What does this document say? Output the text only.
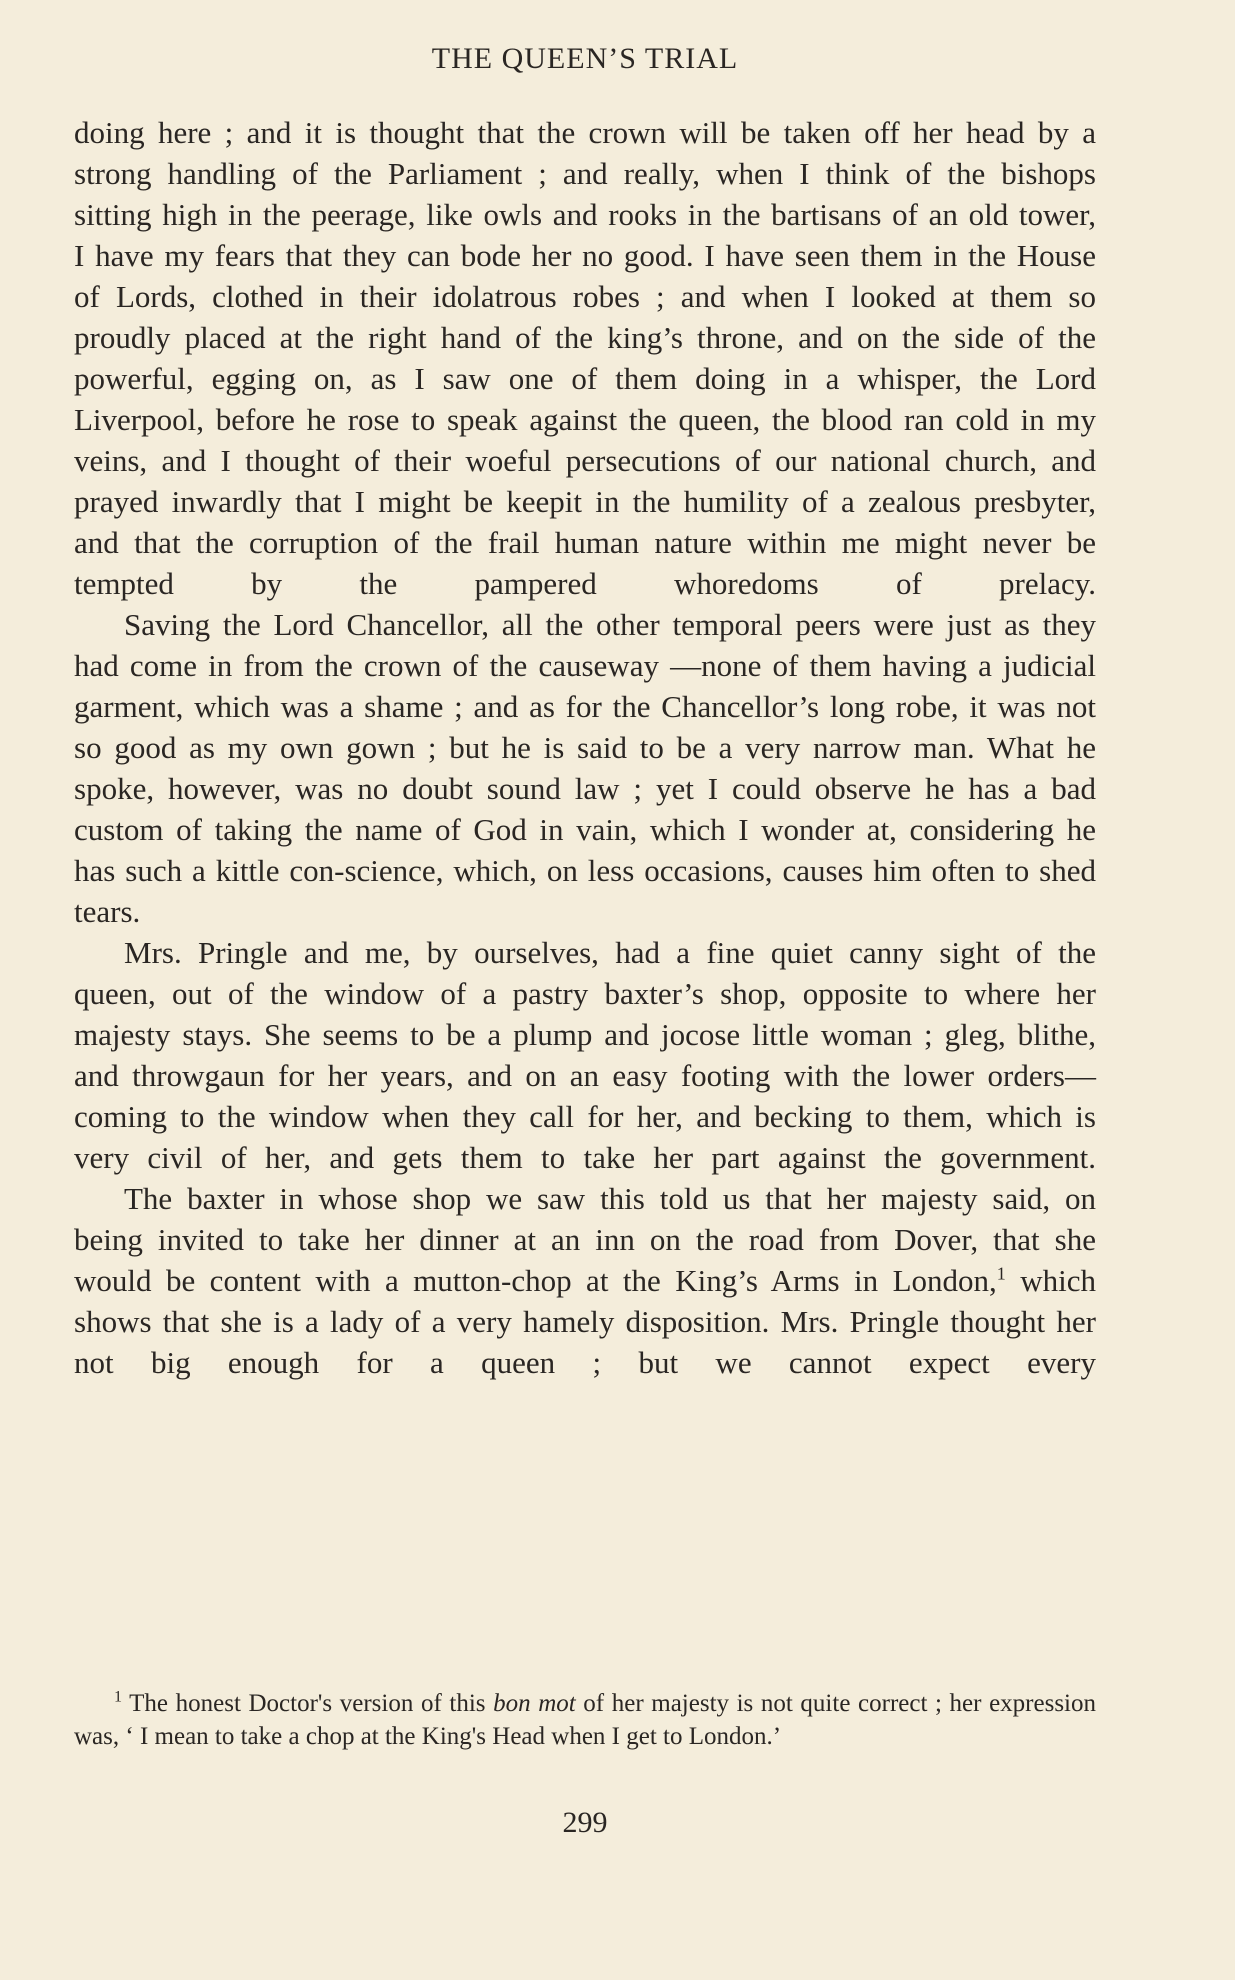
THE QUEEN’S TRIAL

doing here ; and it is thought that the crown will be taken off her head by a strong handling of the Parliament ; and really, when I think of the bishops sitting high in the peerage, like owls and rooks in the bartisans of an old tower, I have my fears that they can bode her no good. I have seen them in the House of Lords, clothed in their idolatrous robes ; and when I looked at them so proudly placed at the right hand of the king’s throne, and on the side of the powerful, egging on, as I saw one of them doing in a whisper, the Lord Liverpool, before he rose to speak against the queen, the blood ran cold in my veins, and I thought of their woeful persecutions of our national church, and prayed inwardly that I might be keepit in the humility of a zealous presbyter, and that the corruption of the frail human nature within me might never be tempted by the pampered whoredoms of prelacy.

Saving the Lord Chancellor, all the other temporal peers were just as they had come in from the crown of the causeway —none of them having a judicial garment, which was a shame ; and as for the Chancellor’s long robe, it was not so good as my own gown ; but he is said to be a very narrow man. What he spoke, however, was no doubt sound law ; yet I could observe he has a bad custom of taking the name of God in vain, which I wonder at, considering he has such a kittle con-science, which, on less occasions, causes him often to shed tears.

Mrs. Pringle and me, by ourselves, had a fine quiet canny sight of the queen, out of the window of a pastry baxter’s shop, opposite to where her majesty stays. She seems to be a plump and jocose little woman ; gleg, blithe, and throwgaun for her years, and on an easy footing with the lower orders— coming to the window when they call for her, and becking to them, which is very civil of her, and gets them to take her part against the government.

The baxter in whose shop we saw this told us that her majesty said, on being invited to take her dinner at an inn on the road from Dover, that she would be content with a mutton-chop at the King’s Arms in London,$^1$ which shows that she is a lady of a very hamely disposition. Mrs. Pringle thought her not big enough for a queen ; but we cannot expect every

$^1$ The honest Doctor's version of this bon mot of her majesty is not quite correct ; her expression was, ‘ I mean to take a chop at the King's Head when I get to London.’
299
